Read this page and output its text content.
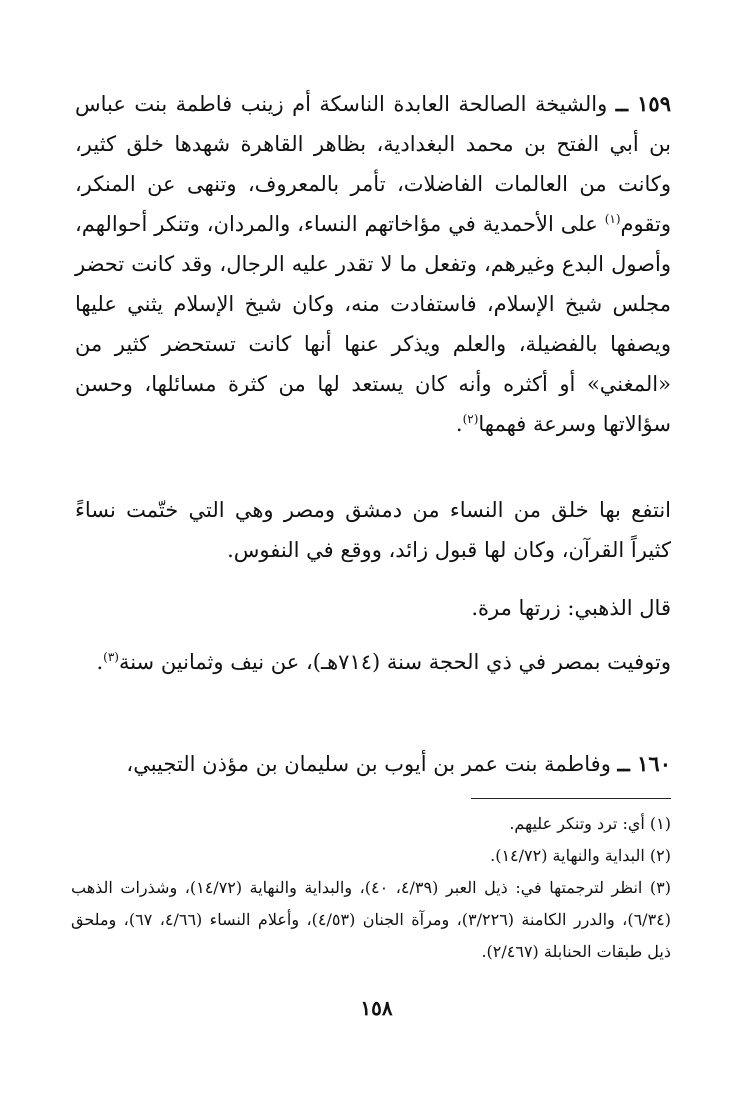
١٥٩ ــ والشيخة الصالحة العابدة الناسكة أم زينب فاطمة بنت عباس بن أبي الفتح بن محمد البغدادية، بظاهر القاهرة شهدها خلق كثير، وكانت من العالمات الفاضلات، تأمر بالمعروف، وتنهى عن المنكر، وتقوم$^{(١)}$ على الأحمدية في مؤاخاتهم النساء، والمردان، وتنكر أحوالهم، وأصول البدع وغيرهم، وتفعل ما لا تقدر عليه الرجال، وقد كانت تحضر مجلس شيخ الإسلام، فاستفادت منه، وكان شيخ الإسلام يثني عليها ويصفها بالفضيلة، والعلم ويذكر عنها أنها كانت تستحضر كثير من «المغني» أو أكثره وأنه كان يستعد لها من كثرة مسائلها، وحسن سؤالاتها وسرعة فهمها$^{(٢)}$.

انتفع بها خلق من النساء من دمشق ومصر وهي التي ختّمت نساءً كثيراً القرآن، وكان لها قبول زائد، ووقع في النفوس.

قال الذهبي: زرتها مرة.

وتوفيت بمصر في ذي الحجة سنة (٧١٤هـ)، عن نيف وثمانين سنة$^{(٣)}$.

١٦٠ ــ وفاطمة بنت عمر بن أيوب بن سليمان بن مؤذن التجيبي،

(١) أي: ترد وتنكر عليهم.
(٢) البداية والنهاية (١٤/٧٢).
(٣) انظر لترجمتها في: ذيل العبر (٤/٣٩، ٤٠)، والبداية والنهاية (١٤/٧٢)، وشذرات الذهب (٦/٣٤)، والدرر الكامنة (٣/٢٢٦)، ومرآة الجنان (٤/٥٣)، وأعلام النساء (٤/٦٦، ٦٧)، وملحق ذيل طبقات الحنابلة (٢/٤٦٧).
١٥٨
